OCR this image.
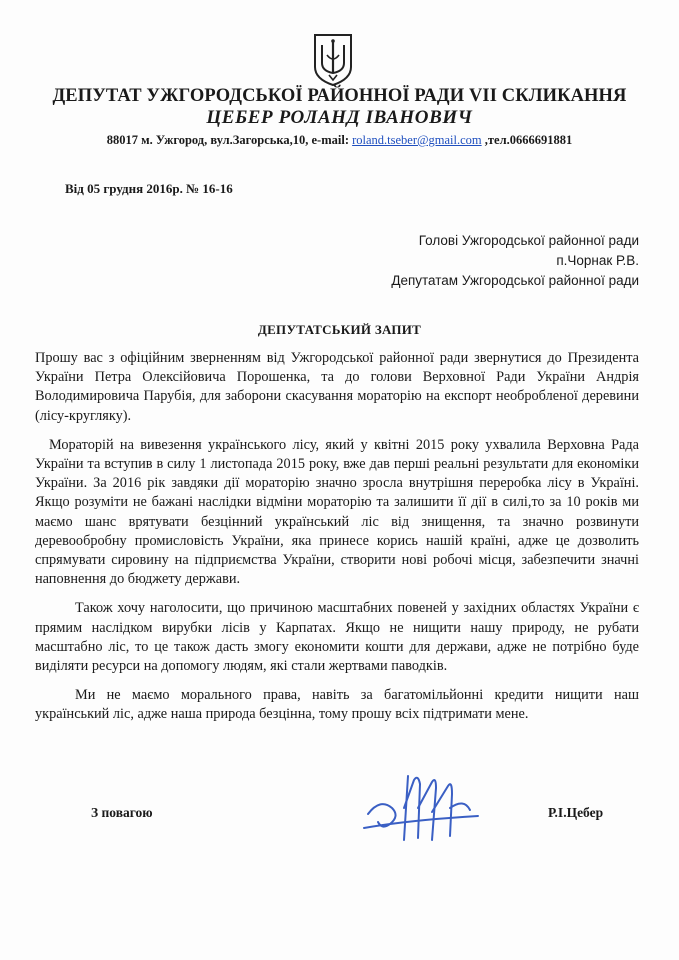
ДЕПУТАТ УЖГОРОДСЬКОЇ РАЙОННОЇ РАДИ VII СКЛИКАННЯ
ЦЕБЕР РОЛАНД ІВАНОВИЧ
88017 м. Ужгород, вул.Загорська,10, e-mail: roland.tseber@gmail.com ,тел.0666691881
Від 05 грудня 2016р. № 16-16
Голові Ужгородської районної ради
п.Чорнак Р.В.
Депутатам Ужгородської районної ради
ДЕПУТАТСЬКИЙ ЗАПИТ

Прошу вас з офіційним зверненням від Ужгородської районної ради звернутися до Президента України Петра Олексійовича Порошенка, та до голови Верховної Ради України Андрія Володимировича Парубія, для заборони скасування мораторію на експорт необробленої деревини (лісу-кругляку).

Мораторій на вивезення українського лісу, який у квітні 2015 року ухвалила Верховна Рада України та вступив в силу 1 листопада 2015 року, вже дав перші реальні результати для економіки України. За 2016 рік завдяки дії мораторію значно зросла внутрішня переробка лісу в Україні. Якщо розуміти не бажані наслідки відміни мораторію та залишити її дії в силі,то за 10 років ми маємо шанс врятувати безцінний український ліс від знищення, та значно розвинути деревообробну промисловість України, яка принесе корись нашій країні, адже це дозволить спрямувати сировину на підприємства України, створити нові робочі місця, забезпечити значні наповнення до бюджету держави.

Також хочу наголосити, що причиною масштабних повеней у західних областях України є прямим наслідком вирубки лісів у Карпатах. Якщо не нищити нашу природу, не рубати масштабно ліс, то це також дасть змогу економити кошти для держави, адже не потрібно буде виділяти ресурси на допомогу людям, які стали жертвами паводків.

Ми не маємо морального права, навіть за багатомільйонні кредити нищити наш український ліс, адже наша природа безцінна, тому прошу всіх підтримати мене.

З повагою	Р.І.Цебер
